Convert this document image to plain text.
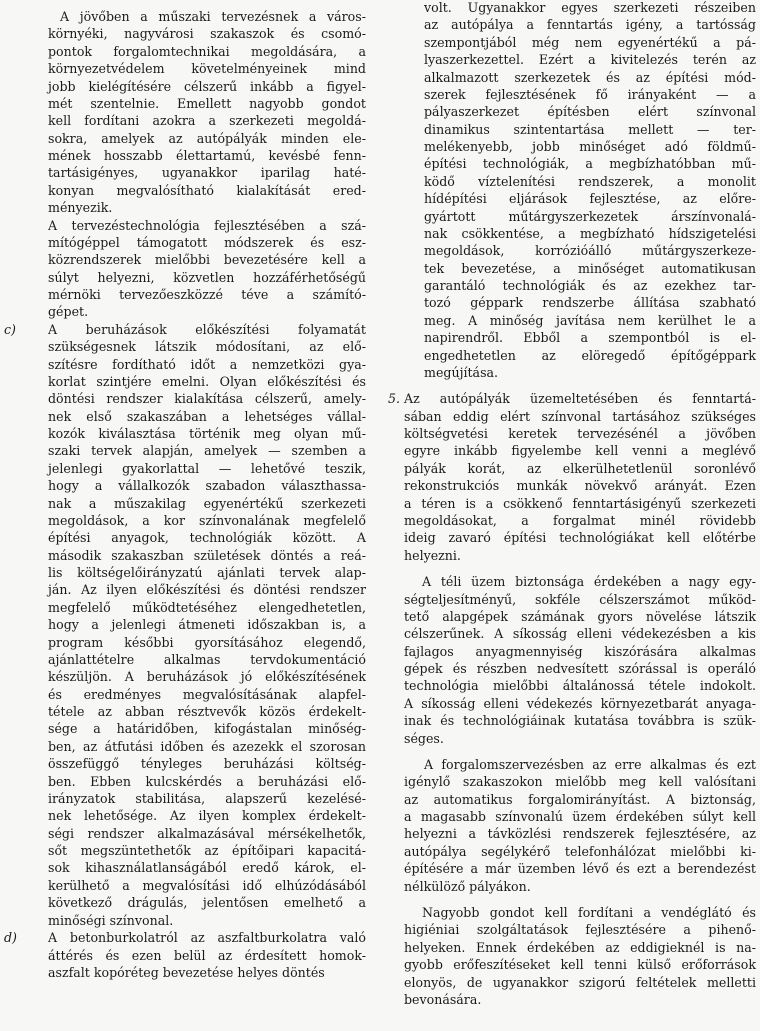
A jövőben a műszaki tervezésnek a város-
környéki, nagyvárosi szakaszok és csomó-
pontok forgalomtechnikai megoldására, a
környezetvédelem követelményeinek mind
jobb kielégítésére célszerű inkább a figyel-
mét szentelnie. Emellett nagyobb gondot
kell fordítani azokra a szerkezeti megoldá-
sokra, amelyek az autópályák minden ele-
mének hosszabb élettartamú, kevésbé fenn-
tartásigényes, ugyanakkor iparilag haté-
konyan megvalósítható kialakítását ered-
ményezik.
A tervezéstechnológia fejlesztésében a szá-
mítógéppel támogatott módszerek és esz-
közrendszerek mielőbbi bevezetésére kell a
súlyt helyezni, közvetlen hozzáférhetőségű
mérnöki tervezőeszközzé téve a számító-
gépet.
c)	A beruházások előkészítési folyamatát
szükségesnek látszik módosítani, az elő-
szítésre fordítható időt a nemzetközi gya-
korlat szintjére emelni. Olyan előkészítési és
döntési rendszer kialakítása célszerű, amely-
nek első szakaszában a lehetséges vállal-
kozók kiválasztása történik meg olyan mű-
szaki tervek alapján, amelyek — szemben a
jelenlegi gyakorlattal — lehetővé teszik,
hogy a vállalkozók szabadon választhassa-
nak a műszakilag egyenértékű szerkezeti
megoldások, a kor színvonalának megfelelő
építési anyagok, technológiák között. A
második szakaszban születések döntés a reá-
lis költségelőirányzatú ajánlati tervek alap-
ján. Az ilyen előkészítési és döntési rendszer
megfelelő működtetéséhez elengedhetetlen,
hogy a jelenlegi átmeneti időszakban is, a
program későbbi gyorsításához elegendő,
ajánlattételre alkalmas tervdokumentáció
készüljön. A beruházások jó előkészítésének
és eredményes megvalósításának alapfel-
tétele az abban résztvevők közös érdekelt-
sége a határidőben, kifogástalan minőség-
ben, az átfutási időben és azezekk el szorosan
összefüggő tényleges beruházási költség-
ben. Ebben kulcskérdés a beruházási elő-
irányzatok stabilitása, alapszerű kezelésé-
nek lehetősége. Az ilyen komplex érdekelt-
ségi rendszer alkalmazásával mérsékelhetők,
sőt megszüntethetők az építőipari kapacitá-
sok kihasználatlanságából eredő károk, el-
kerülhető a megvalósítási idő elhúzódásából
következő drágulás, jelentősen emelhető a
minőségi színvonal.
d)	A betonburkolatról az aszfaltburkolatra való
áttérés és ezen belül az érdesített homok-
aszfalt kopóréteg bevezetése helyes döntés
volt. Ugyanakkor egyes szerkezeti részeiben
az autópálya a fenntartás igény, a tartósság
szempontjából még nem egyenértékű a pá-
lyaszerkezettel. Ezért a kivitelezés terén az
alkalmazott szerkezetek és az építési mód-
szerek fejlesztésének fő irányaként — a
pályaszerkezet építésben elért színvonal
dinamikus szintentartása mellett — ter-
melékenyebb, jobb minőséget adó földmű-
építési technológiák, a megbízhatóbban mű-
ködő víztelenítési rendszerek, a monolit
hídépítési eljárások fejlesztése, az előre-
gyártott műtárgyszerkezetek árszínvonalá-
nak csökkentése, a megbízható hídszigetelési
megoldások, korrózióálló műtárgyszerkeze-
tek bevezetése, a minőséget automatikusan
garantáló technológiák és az ezekhez tar-
tozó géppark rendszerbe állítása szabható
meg. A minőség javítása nem kerülhet le a
napirendről. Ebből a szempontból is el-
engedhetetlen az elöregedő építőgéppark
megújítása.
5. Az autópályák üzemeltetésében és fenntartá-
sában eddig elért színvonal tartásához szükséges
költségvetési keretek tervezésénél a jövőben
egyre inkább figyelembe kell venni a meglévő
pályák korát, az elkerülhetetlenül soronlévő
rekonstrukciós munkák növekvő arányát. Ezen
a téren is a csökkenő fenntartásigényű szerkezeti
megoldásokat, a forgalmat minél rövidebb
ideig zavaró építési technológiákat kell előtérbe
helyezni.
A téli üzem biztonsága érdekében a nagy egy-
ségteljesítményű, sokféle célszerszámot működ-
tető alapgépek számának gyors növelése látszik
célszerűnek. A síkosság elleni védekezésben a kis
fajlagos anyagmennyiség kiszórására alkalmas
gépek és részben nedvesített szórással is operáló
technológia mielőbbi általánossá tétele indokolt.
A síkosság elleni védekezés környezetbarát anyaga-
inak és technológiáinak kutatása továbbra is szük-
séges.
A forgalomszervezésben az erre alkalmas és ezt
igénylő szakaszokon mielőbb meg kell valósítani
az automatikus forgalomirányítást. A biztonság,
a magasabb színvonalú üzem érdekében súlyt kell
helyezni a távközlési rendszerek fejlesztésére, az
autópálya segélykérő telefonhálózat mielőbbi ki-
építésére a már üzemben lévő és ezt a berendezést
nélkülöző pályákon.
Nagyobb gondot kell fordítani a vendéglátó és
higiéniai szolgáltatások fejlesztésére a pihenő-
helyeken. Ennek érdekében az eddigieknél is na-
gyobb erőfeszítéseket kell tenni külső erőforrások
elonyös, de ugyanakkor szigorú feltételek melletti
bevonására.
